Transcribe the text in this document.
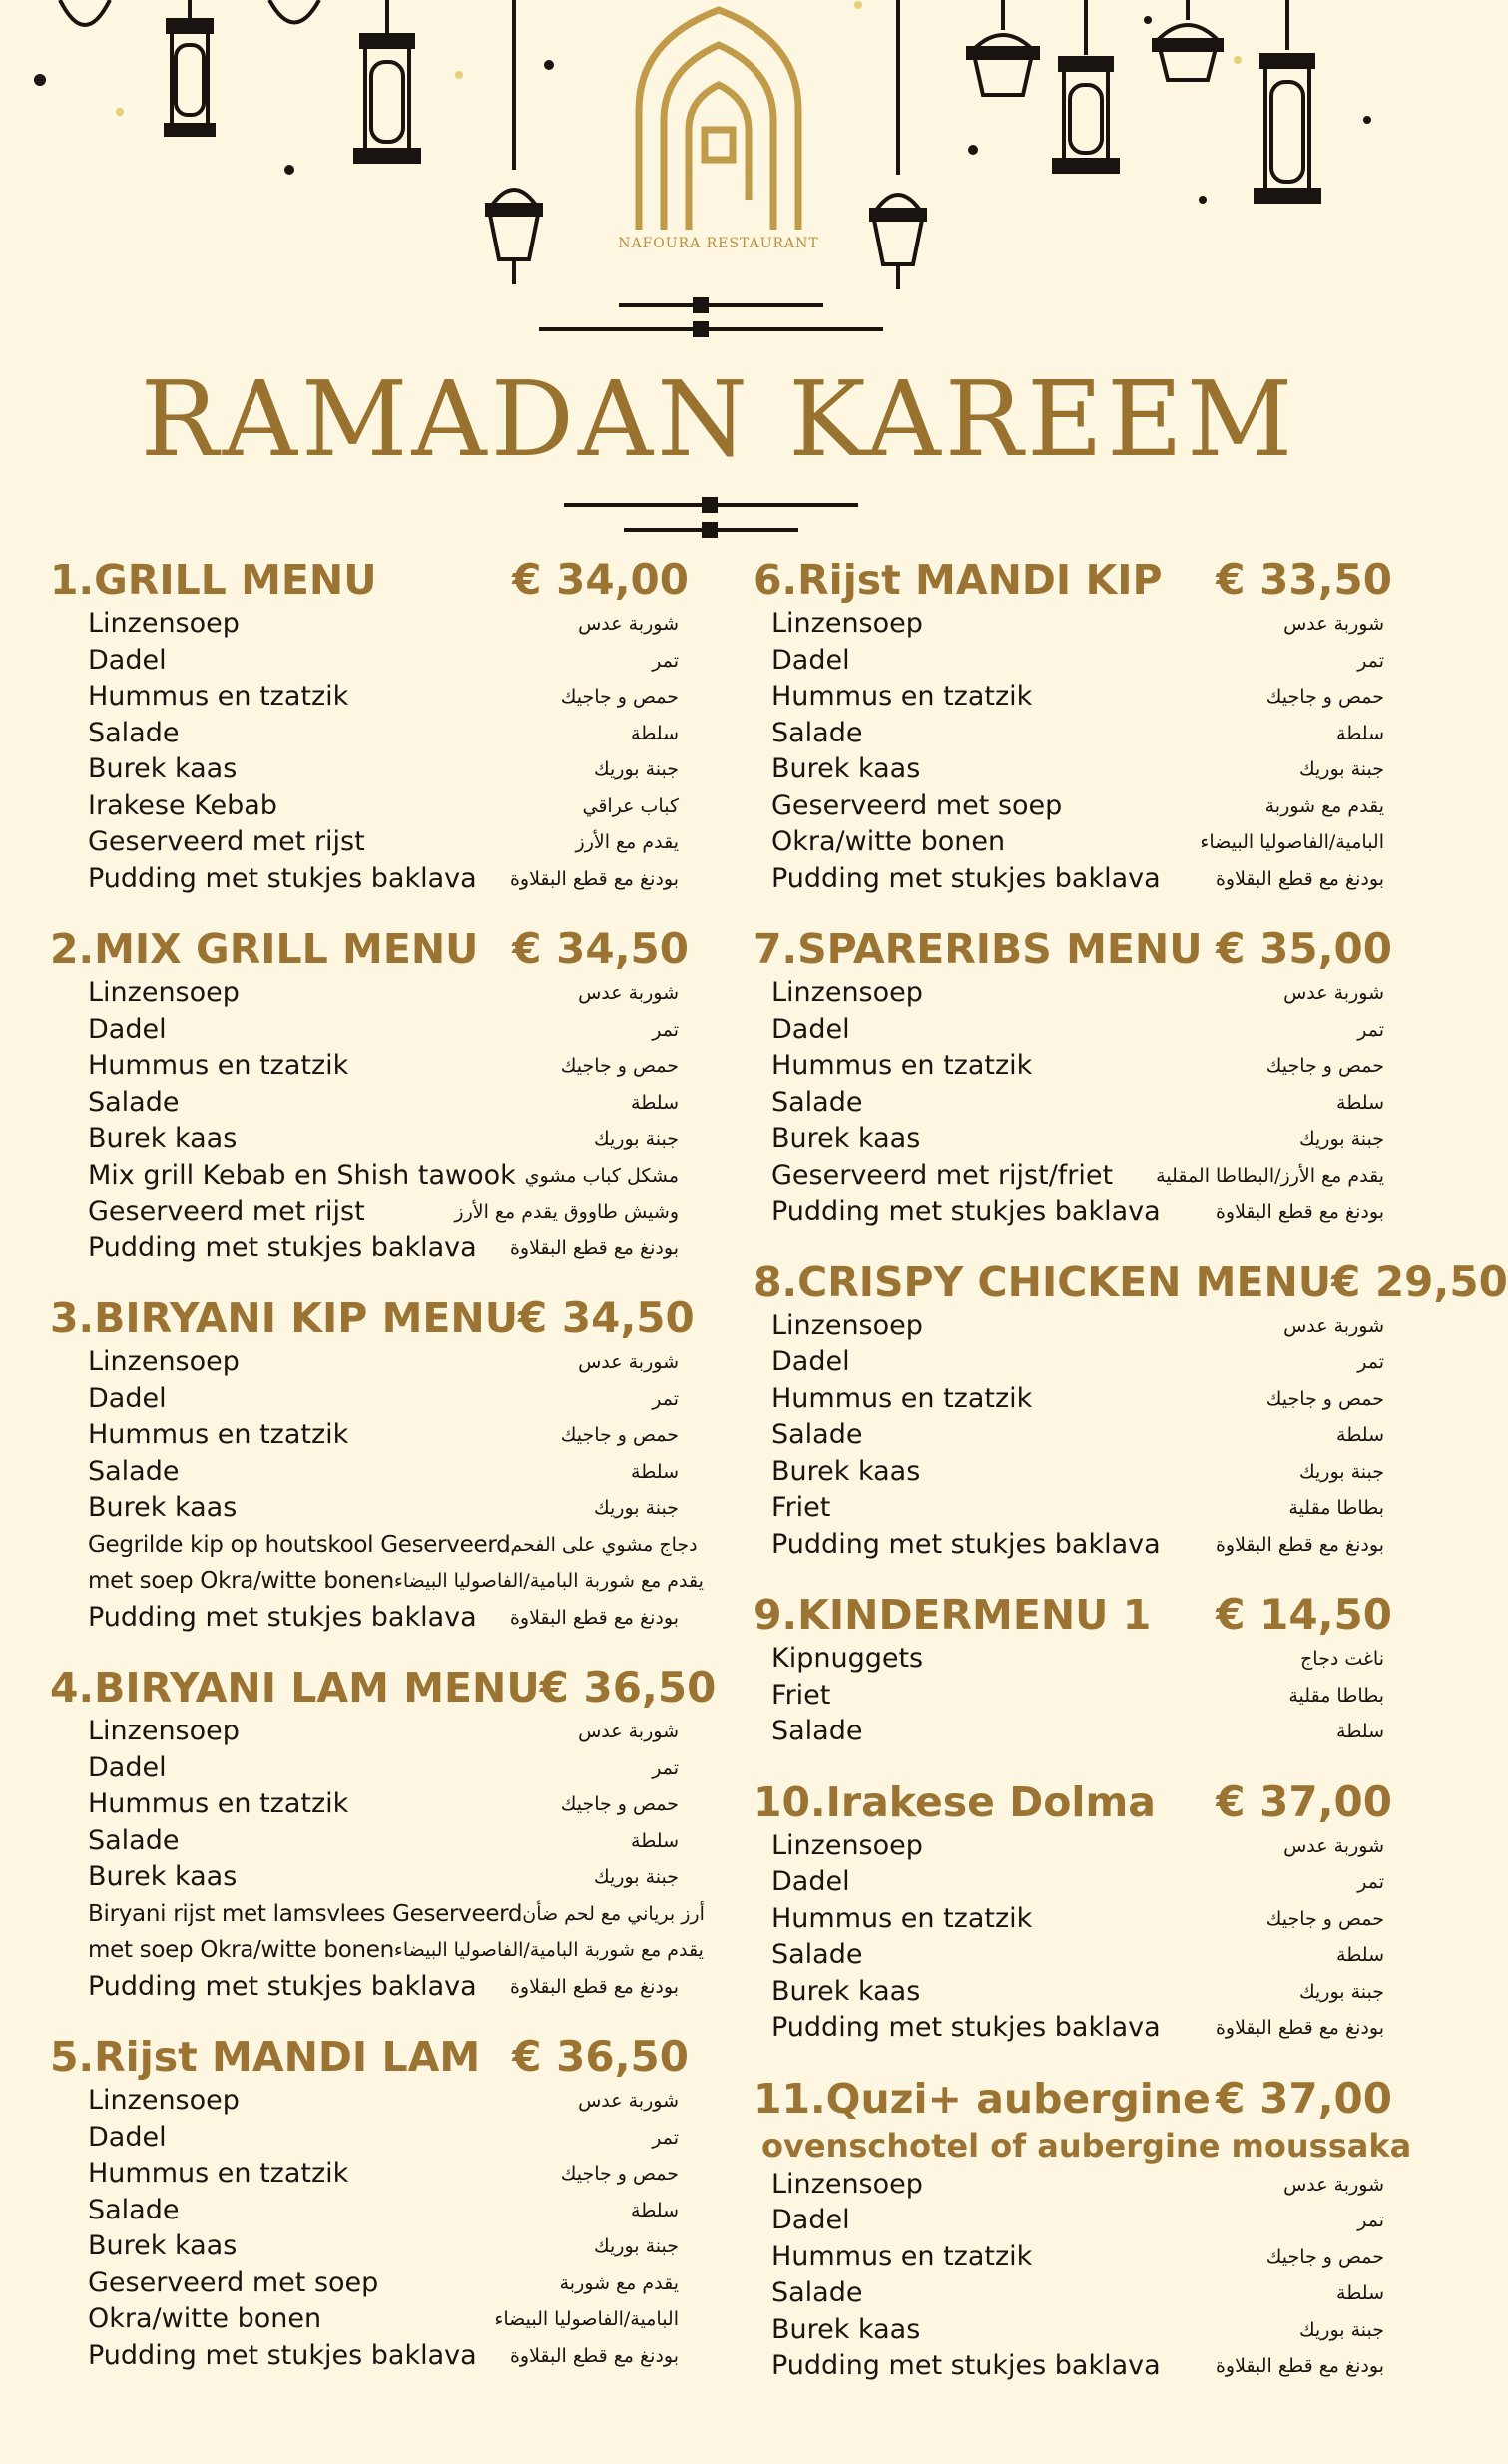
NAFOURA RESTAURANT
RAMADAN KAREEM
1.GRILL MENU	€ 34,00
Linzensoep	شوربة عدس
Dadel	تمر
Hummus en tzatzik	حمص و جاجيك
Salade	سلطة
Burek kaas	جبنة بوريك
Irakese Kebab	كباب عراقي
Geserveerd met rijst	يقدم مع الأرز
Pudding met stukjes baklava بودنغ مع قطع البقلاوة
2.MIX GRILL MENU € 34,50
Linzensoep	شوربة عدس
Dadel	تمر
Hummus en tzatzik	حمص و جاجيك
Salade	سلطة
Burek kaas	جبنة بوريك
Mix grill Kebab en Shish tawook مشكل كباب مشوي
Geserveerd met rijst	وشيش طاووق يقدم مع الأرز
Pudding met stukjes baklava بودنغ مع قطع البقلاوة
3.BIRYANI KIP MENU € 34,50
Linzensoep	شوربة عدس
Dadel	تمر
Hummus en tzatzik	حمص و جاجيك
Salade	سلطة
Burek kaas	جبنة بوريك
Gegrilde kip op houtskool Geserveerd دجاج مشوي على الفحم
met soep Okra/witte bonen يقدم مع شوربة البامية/الفاصوليا البيضاء
Pudding met stukjes baklava بودنغ مع قطع البقلاوة
4.BIRYANI LAM MENU € 36,50
Linzensoep	شوربة عدس
Dadel	تمر
Hummus en tzatzik	حمص و جاجيك
Salade	سلطة
Burek kaas	جبنة بوريك
Biryani rijst met lamsvlees Geserveerd أرز برياني مع لحم ضأن
met soep Okra/witte bonen يقدم مع شوربة البامية/الفاصوليا البيضاء
Pudding met stukjes baklava بودنغ مع قطع البقلاوة
5.Rijst MANDI LAM € 36,50
Linzensoep	شوربة عدس
Dadel	تمر
Hummus en tzatzik	حمص و جاجيك
Salade	سلطة
Burek kaas	جبنة بوريك
Geserveerd met soep	يقدم مع شوربة
Okra/witte bonen	البامية/الفاصوليا البيضاء
Pudding met stukjes baklava بودنغ مع قطع البقلاوة
6.Rijst MANDI KIP € 33,50
Linzensoep	شوربة عدس
Dadel	تمر
Hummus en tzatzik	حمص و جاجيك
Salade	سلطة
Burek kaas	جبنة بوريك
Geserveerd met soep	يقدم مع شوربة
Okra/witte bonen	البامية/الفاصوليا البيضاء
Pudding met stukjes baklava	بودنغ مع قطع البقلاوة
7.SPARERIBS MENU € 35,00
Linzensoep	شوربة عدس
Dadel	تمر
Hummus en tzatzik	حمص و جاجيك
Salade	سلطة
Burek kaas	جبنة بوريك
Geserveerd met rijst/friet يقدم مع الأرز/البطاطا المقلية
Pudding met stukjes baklava	بودنغ مع قطع البقلاوة
8.CRISPY CHICKEN MENU € 29,50
Linzensoep	شوربة عدس
Dadel	تمر
Hummus en tzatzik	حمص و جاجيك
Salade	سلطة
Burek kaas	جبنة بوريك
Friet	بطاطا مقلية
Pudding met stukjes baklava	بودنغ مع قطع البقلاوة
9.KINDERMENU 1 € 14,50
Kipnuggets	ناغت دجاج
Friet	بطاطا مقلية
Salade	سلطة
10.Irakese Dolma € 37,00
Linzensoep	شوربة عدس
Dadel	تمر
Hummus en tzatzik	حمص و جاجيك
Salade	سلطة
Burek kaas	جبنة بوريك
Pudding met stukjes baklava	بودنغ مع قطع البقلاوة
11.Quzi+ aubergine € 37,00
ovenschotel of aubergine moussaka
Linzensoep	شوربة عدس
Dadel	تمر
Hummus en tzatzik	حمص و جاجيك
Salade	سلطة
Burek kaas	جبنة بوريك
Pudding met stukjes baklava	بودنغ مع قطع البقلاوة
